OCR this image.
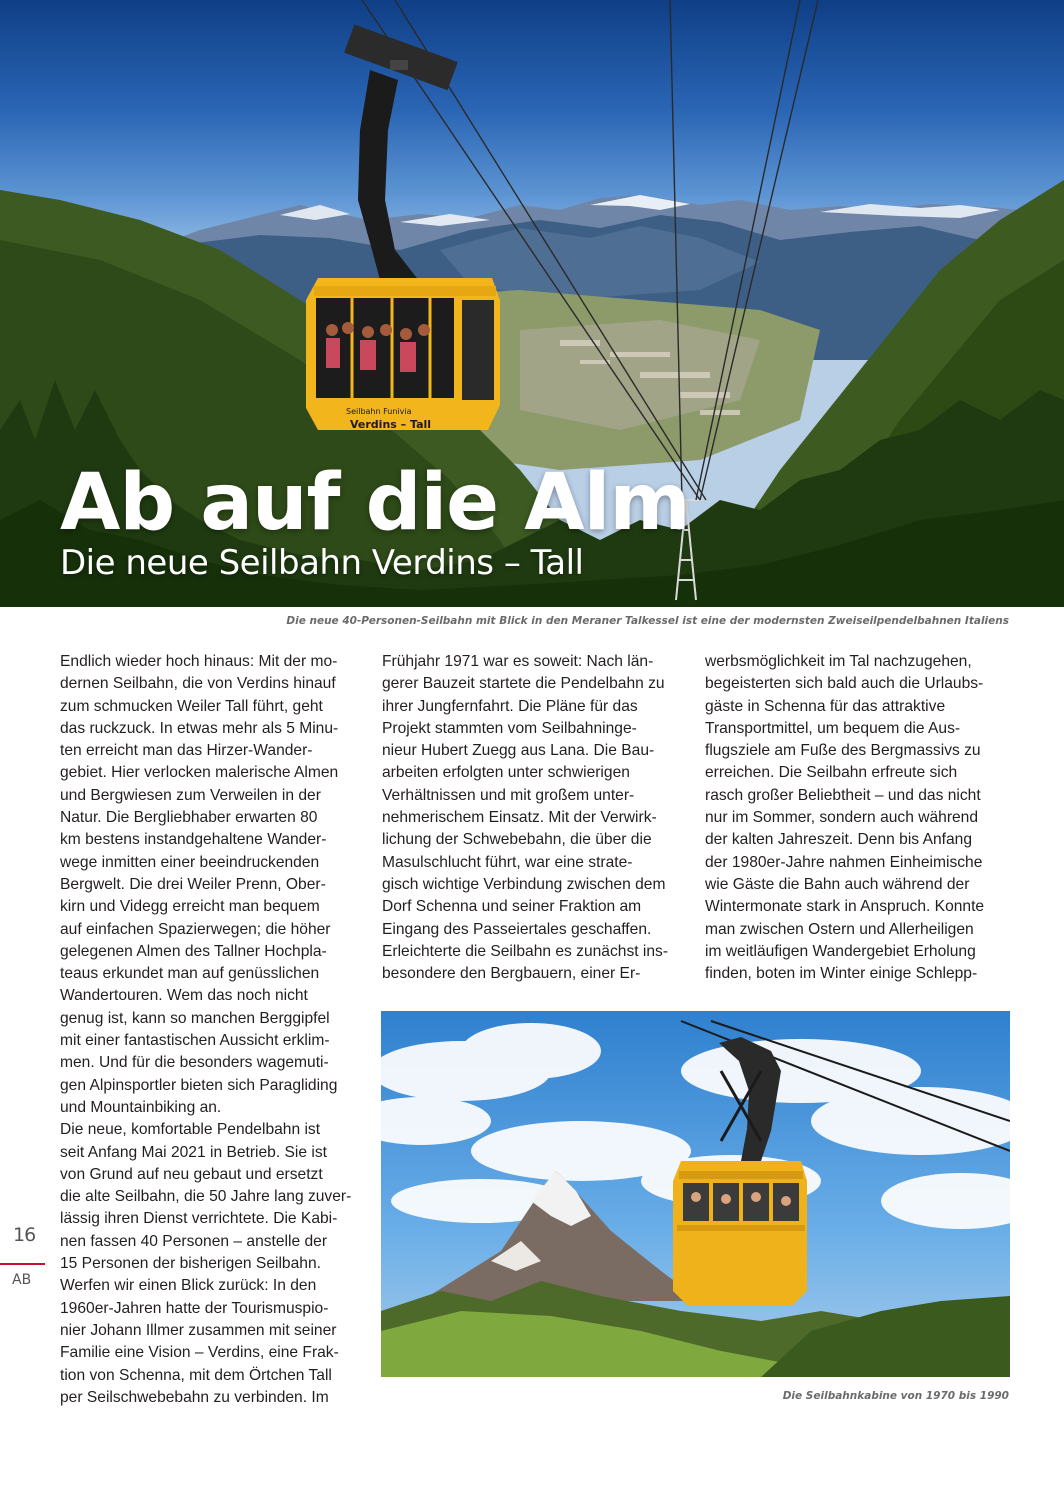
Seilbahn Funivia
Verdins – Tall
Ab auf die Alm
Die neue Seilbahn Verdins – Tall
Die neue 40-Personen-Seilbahn mit Blick in den Meraner Talkessel ist eine der modernsten Zweiseilpendelbahnen Italiens

Endlich wieder hoch hinaus: Mit der mo-

dernen Seilbahn, die von Verdins hinauf

zum schmucken Weiler Tall führt, geht

das ruckzuck. In etwas mehr als 5 Minu-

ten erreicht man das Hirzer-Wander-

gebiet. Hier verlocken malerische Almen

und Bergwiesen zum Verweilen in der

Natur. Die Bergliebhaber erwarten 80

km bestens instandgehaltene Wander-

wege inmitten einer beeindruckenden

Bergwelt. Die drei Weiler Prenn, Ober-

kirn und Videgg erreicht man bequem

auf einfachen Spazierwegen; die höher

gelegenen Almen des Tallner Hochpla-

teaus erkundet man auf genüsslichen

Wandertouren. Wem das noch nicht

genug ist, kann so manchen Berggipfel

mit einer fantastischen Aussicht erklim-

men. Und für die besonders wagemuti-

gen Alpinsportler bieten sich Paragliding

und Mountainbiking an.

Die neue, komfortable Pendelbahn ist

seit Anfang Mai 2021 in Betrieb. Sie ist

von Grund auf neu gebaut und ersetzt

die alte Seilbahn, die 50 Jahre lang zuver-

lässig ihren Dienst verrichtete. Die Kabi-

nen fassen 40 Personen – anstelle der

15 Personen der bisherigen Seilbahn.

Werfen wir einen Blick zurück: In den

1960er-Jahren hatte der Tourismuspio-

nier Johann Illmer zusammen mit seiner

Familie eine Vision – Verdins, eine Frak-

tion von Schenna, mit dem Örtchen Tall

per Seilschwebebahn zu verbinden. Im

Frühjahr 1971 war es soweit: Nach län-

gerer Bauzeit startete die Pendelbahn zu

ihrer Jungfernfahrt. Die Pläne für das

Projekt stammten vom Seilbahninge-

nieur Hubert Zuegg aus Lana. Die Bau-

arbeiten erfolgten unter schwierigen

Verhältnissen und mit großem unter-

nehmerischem Einsatz. Mit der Verwirk-

lichung der Schwebebahn, die über die

Masulschlucht führt, war eine strate-

gisch wichtige Verbindung zwischen dem

Dorf Schenna und seiner Fraktion am

Eingang des Passeiertales geschaffen.

Erleichterte die Seilbahn es zunächst ins-

besondere den Bergbauern, einer Er-

werbsmöglichkeit im Tal nachzugehen,

begeisterten sich bald auch die Urlaubs-

gäste in Schenna für das attraktive

Transportmittel, um bequem die Aus-

flugsziele am Fuße des Bergmassivs zu

erreichen. Die Seilbahn erfreute sich

rasch großer Beliebtheit – und das nicht

nur im Sommer, sondern auch während

der kalten Jahreszeit. Denn bis Anfang

der 1980er-Jahre nahmen Einheimische

wie Gäste die Bahn auch während der

Wintermonate stark in Anspruch. Konnte

man zwischen Ostern und Allerheiligen

im weitläufigen Wandergebiet Erholung

finden, boten im Winter einige Schlepp-

16
AB
Die Seilbahnkabine von 1970 bis 1990
